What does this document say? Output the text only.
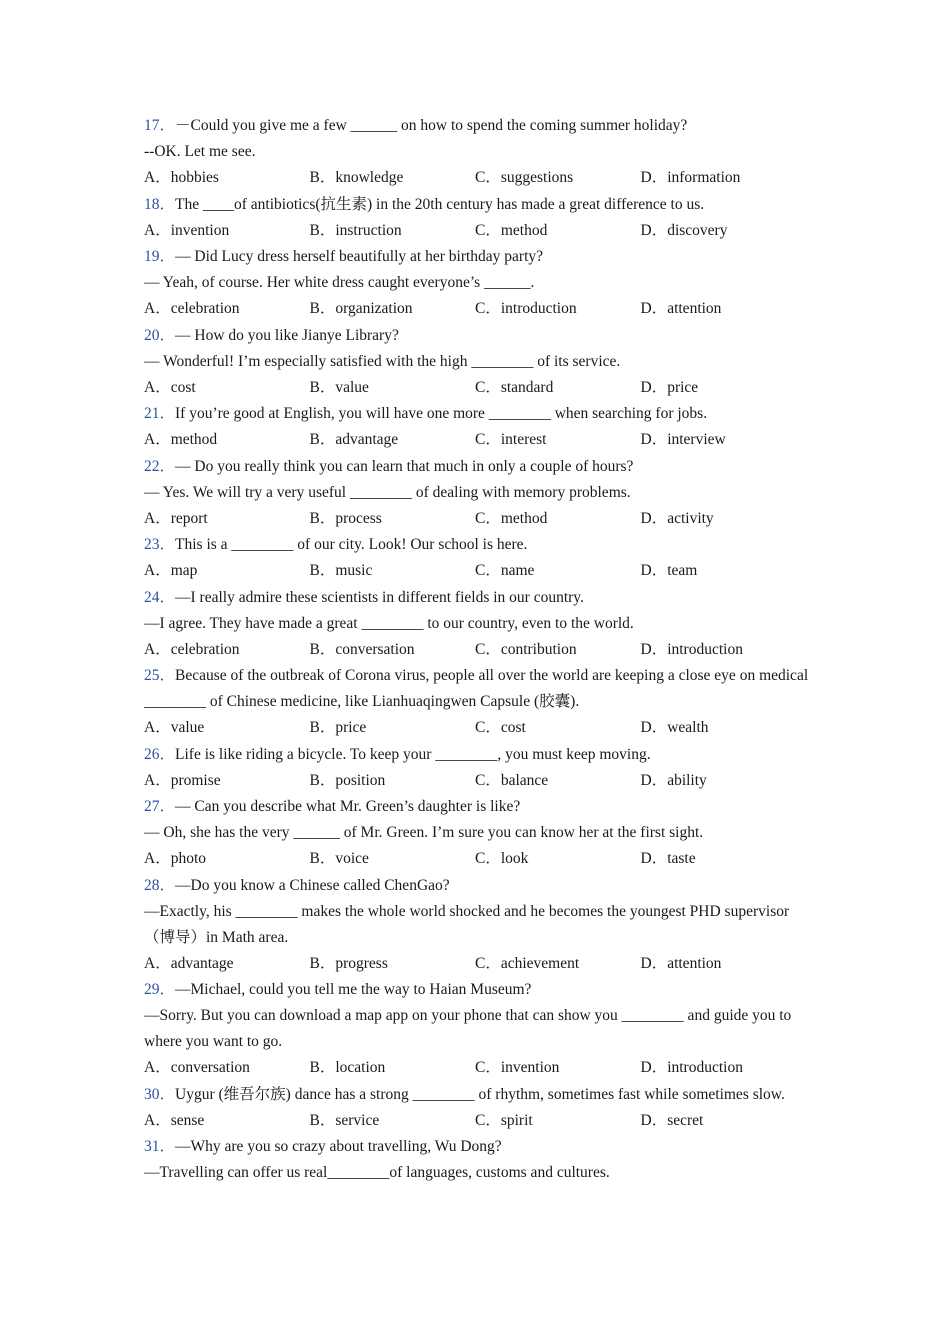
17．－Could you give me a few ______ on how to spend the coming summer holiday?
--OK. Let me see.
A．hobbies	B．knowledge	C．suggestions	D．information
18．The ____of antibiotics(抗生素) in the 20th century has made a great difference to us.
A．invention	B．instruction	C．method	D．discovery
19．— Did Lucy dress herself beautifully at her birthday party?
— Yeah, of course. Her white dress caught everyone’s ______.
A．celebration	B．organization	C．introduction	D．attention
20．— How do you like Jianye Library?
— Wonderful! I’m especially satisfied with the high ________ of its service.
A．cost	B．value	C．standard	D．price
21．If you’re good at English, you will have one more ________ when searching for jobs.
A．method	B．advantage	C．interest	D．interview
22．— Do you really think you can learn that much in only a couple of hours?
— Yes. We will try a very useful ________ of dealing with memory problems.
A．report	B．process	C．method	D．activity
23．This is a ________ of our city. Look! Our school is here.
A．map	B．music	C．name	D．team
24．—I really admire these scientists in different fields in our country.
—I agree. They have made a great ________ to our country, even to the world.
A．celebration	B．conversation	C．contribution	D．introduction
25．Because of the outbreak of Corona virus, people all over the world are keeping a close eye on medical ________ of Chinese medicine, like Lianhuaqingwen Capsule (胶囊).
A．value	B．price	C．cost	D．wealth
26．Life is like riding a bicycle. To keep your ________, you must keep moving.
A．promise	B．position	C．balance	D．ability
27．— Can you describe what Mr. Green’s daughter is like?
— Oh, she has the very ______ of Mr. Green. I’m sure you can know her at the first sight.
A．photo	B．voice	C．look	D．taste
28．—Do you know a Chinese called ChenGao?
—Exactly, his ________ makes the whole world shocked and he becomes the youngest PHD supervisor（博导）in Math area.
A．advantage	B．progress	C．achievement	D．attention
29．—Michael, could you tell me the way to Haian Museum?
—Sorry. But you can download a map app on your phone that can show you ________ and guide you to where you want to go.
A．conversation	B．location	C．invention	D．introduction
30．Uygur (维吾尔族) dance has a strong ________ of rhythm, sometimes fast while sometimes slow.
A．sense	B．service	C．spirit	D．secret
31．—Why are you so crazy about travelling, Wu Dong?
—Travelling can offer us real________of languages, customs and cultures.
